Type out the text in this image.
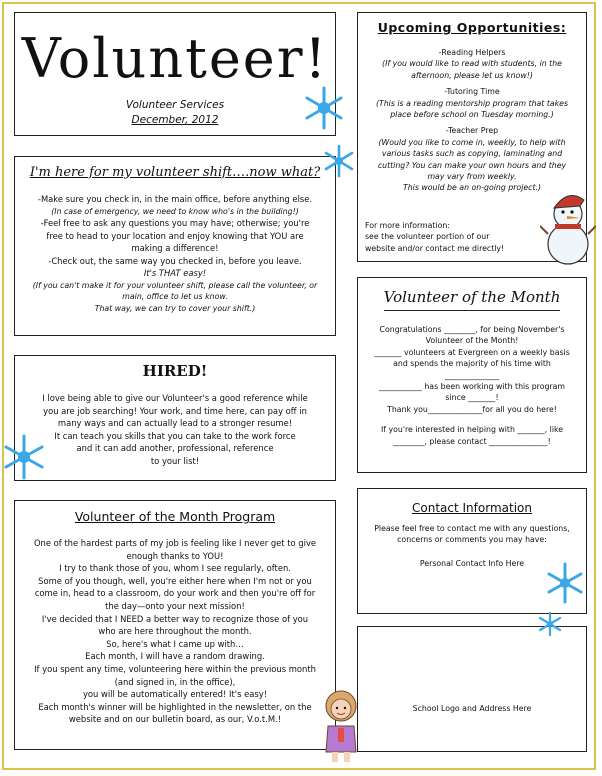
Volunteer!
Volunteer Services
December, 2012
I'm here for my volunteer shift….now what?
-Make sure you check in, in the main office, before anything else.
(In case of emergency, we need to know who's in the building!)
-Feel free to ask any questions you may have; otherwise; you're
free to head to your location and enjoy knowing that YOU are
making a difference!
-Check out, the same way you checked in, before you leave.
It's THAT easy!
(If you can't make it for your volunteer shift, please call the volunteer, or
main, office to let us know.
That way, we can try to cover your shift.)
HIRED!
I love being able to give our Volunteer's a good reference while
you are job searching! Your work, and time here, can pay off in
many ways and can actually lead to a stronger resume!
It can teach you skills that you can take to the work force
and it can add another, professional, reference
to your list!
Volunteer of the Month Program
One of the hardest parts of my job is feeling like I never get to give
enough thanks to YOU!
I try to thank those of you, whom I see regularly, often.
Some of you though, well, you're either here when I'm not or you
come in, head to a classroom, do your work and then you're off for
the day—onto your next mission!
I've decided that I NEED a better way to recognize those of you
who are here throughout the month.
So, here's what I came up with…
Each month, I will have a random drawing.
If you spent any time, volunteering here within the previous month
(and signed in, in the office),
you will be automatically entered! It's easy!
Each month's winner will be highlighted in the newsletter, on the
website and on our bulletin board, as our, V.o.t.M.!
Upcoming Opportunities:
-Reading Helpers
(If you would like to read with students, in the
afternoon, please let us know!)
-Tutoring Time
(This is a reading mentorship program that takes
place before school on Tuesday morning.)
-Teacher Prep
(Would you like to come in, weekly, to help with
various tasks such as copying, laminating and
cutting? You can make your own hours and they
may vary from weekly.
This would be an on-going project.)
For more information:
see the volunteer portion of our
website and/or contact me directly!
Volunteer of the Month
Congratulations ________, for being November's
Volunteer of the Month!
_______ volunteers at Evergreen on a weekly basis
and spends the majority of his time with
______________
___________ has been working with this program
since _______!
Thank you______________for all you do here!
If you're interested in helping with _______, like
________, please contact _______________!
Contact Information
Please feel free to contact me with any questions,
concerns or comments you may have:
Personal Contact Info Here
School Logo and Address Here
